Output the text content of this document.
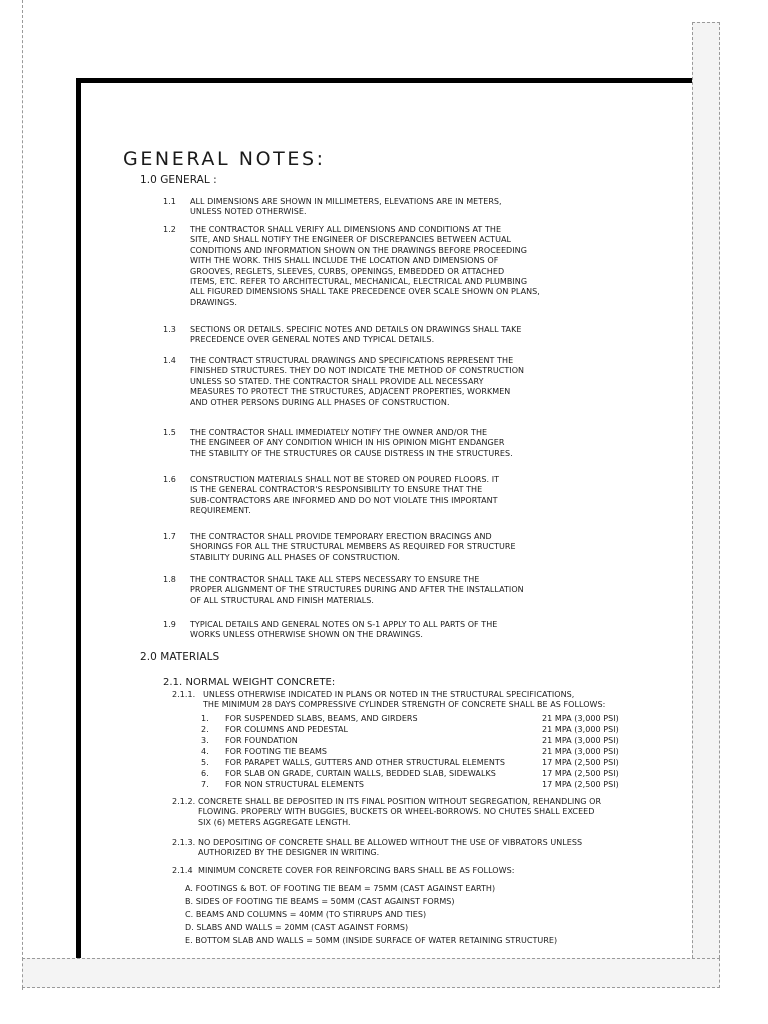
GENERAL NOTES:
1.0 GENERAL :
1.1 ALL DIMENSIONS ARE SHOWN IN MILLIMETERS, ELEVATIONS ARE IN METERS,
UNLESS NOTED OTHERWISE.
1.2 THE CONTRACTOR SHALL VERIFY ALL DIMENSIONS AND CONDITIONS AT THE
SITE, AND SHALL NOTIFY THE ENGINEER OF DISCREPANCIES BETWEEN ACTUAL
CONDITIONS AND INFORMATION SHOWN ON THE DRAWINGS BEFORE PROCEEDING
WITH THE WORK. THIS SHALL INCLUDE THE LOCATION AND DIMENSIONS OF
GROOVES, REGLETS, SLEEVES, CURBS, OPENINGS, EMBEDDED OR ATTACHED
ITEMS, ETC. REFER TO ARCHITECTURAL, MECHANICAL, ELECTRICAL AND PLUMBING
ALL FIGURED DIMENSIONS SHALL TAKE PRECEDENCE OVER SCALE SHOWN ON PLANS,
DRAWINGS.
1.3 SECTIONS OR DETAILS. SPECIFIC NOTES AND DETAILS ON DRAWINGS SHALL TAKE
PRECEDENCE OVER GENERAL NOTES AND TYPICAL DETAILS.
1.4 THE CONTRACT STRUCTURAL DRAWINGS AND SPECIFICATIONS REPRESENT THE
FINISHED STRUCTURES. THEY DO NOT INDICATE THE METHOD OF CONSTRUCTION
UNLESS SO STATED. THE CONTRACTOR SHALL PROVIDE ALL NECESSARY
MEASURES TO PROTECT THE STRUCTURES, ADJACENT PROPERTIES, WORKMEN
AND OTHER PERSONS DURING ALL PHASES OF CONSTRUCTION.
1.5 THE CONTRACTOR SHALL IMMEDIATELY NOTIFY THE OWNER AND/OR THE
THE ENGINEER OF ANY CONDITION WHICH IN HIS OPINION MIGHT ENDANGER
THE STABILITY OF THE STRUCTURES OR CAUSE DISTRESS IN THE STRUCTURES.
1.6 CONSTRUCTION MATERIALS SHALL NOT BE STORED ON POURED FLOORS. IT
IS THE GENERAL CONTRACTOR'S RESPONSIBILITY TO ENSURE THAT THE
SUB-CONTRACTORS ARE INFORMED AND DO NOT VIOLATE THIS IMPORTANT
REQUIREMENT.
1.7 THE CONTRACTOR SHALL PROVIDE TEMPORARY ERECTION BRACINGS AND
SHORINGS FOR ALL THE STRUCTURAL MEMBERS AS REQUIRED FOR STRUCTURE
STABILITY DURING ALL PHASES OF CONSTRUCTION.
1.8 THE CONTRACTOR SHALL TAKE ALL STEPS NECESSARY TO ENSURE THE
PROPER ALIGNMENT OF THE STRUCTURES DURING AND AFTER THE INSTALLATION
OF ALL STRUCTURAL AND FINISH MATERIALS.
1.9 TYPICAL DETAILS AND GENERAL NOTES ON S-1 APPLY TO ALL PARTS OF THE
WORKS UNLESS OTHERWISE SHOWN ON THE DRAWINGS.
2.0 MATERIALS
2.1. NORMAL WEIGHT CONCRETE:
2.1.1. UNLESS OTHERWISE INDICATED IN PLANS OR NOTED IN THE STRUCTURAL SPECIFICATIONS,
THE MINIMUM 28 DAYS COMPRESSIVE CYLINDER STRENGTH OF CONCRETE SHALL BE AS FOLLOWS:
1. FOR SUSPENDED SLABS, BEAMS, AND GIRDERS	21 MPA (3,000 PSI)
2. FOR COLUMNS AND PEDESTAL	21 MPA (3,000 PSI)
3. FOR FOUNDATION	21 MPA (3,000 PSI)
4. FOR FOOTING TIE BEAMS	21 MPA (3,000 PSI)
5. FOR PARAPET WALLS, GUTTERS AND OTHER STRUCTURAL ELEMENTS	17 MPA (2,500 PSI)
6. FOR SLAB ON GRADE, CURTAIN WALLS, BEDDED SLAB, SIDEWALKS	17 MPA (2,500 PSI)
7. FOR NON STRUCTURAL ELEMENTS	17 MPA (2,500 PSI)
2.1.2. CONCRETE SHALL BE DEPOSITED IN ITS FINAL POSITION WITHOUT SEGREGATION, REHANDLING OR
FLOWING. PROPERLY WITH BUGGIES, BUCKETS OR WHEEL-BORROWS. NO CHUTES SHALL EXCEED
SIX (6) METERS AGGREGATE LENGTH.
2.1.3. NO DEPOSITING OF CONCRETE SHALL BE ALLOWED WITHOUT THE USE OF VIBRATORS UNLESS
AUTHORIZED BY THE DESIGNER IN WRITING.
2.1.4 MINIMUM CONCRETE COVER FOR REINFORCING BARS SHALL BE AS FOLLOWS:
A. FOOTINGS & BOT. OF FOOTING TIE BEAM = 75MM (CAST AGAINST EARTH)
B. SIDES OF FOOTING TIE BEAMS = 50MM (CAST AGAINST FORMS)
C. BEAMS AND COLUMNS = 40MM (TO STIRRUPS AND TIES)
D. SLABS AND WALLS = 20MM (CAST AGAINST FORMS)
E. BOTTOM SLAB AND WALLS = 50MM (INSIDE SURFACE OF WATER RETAINING STRUCTURE)
